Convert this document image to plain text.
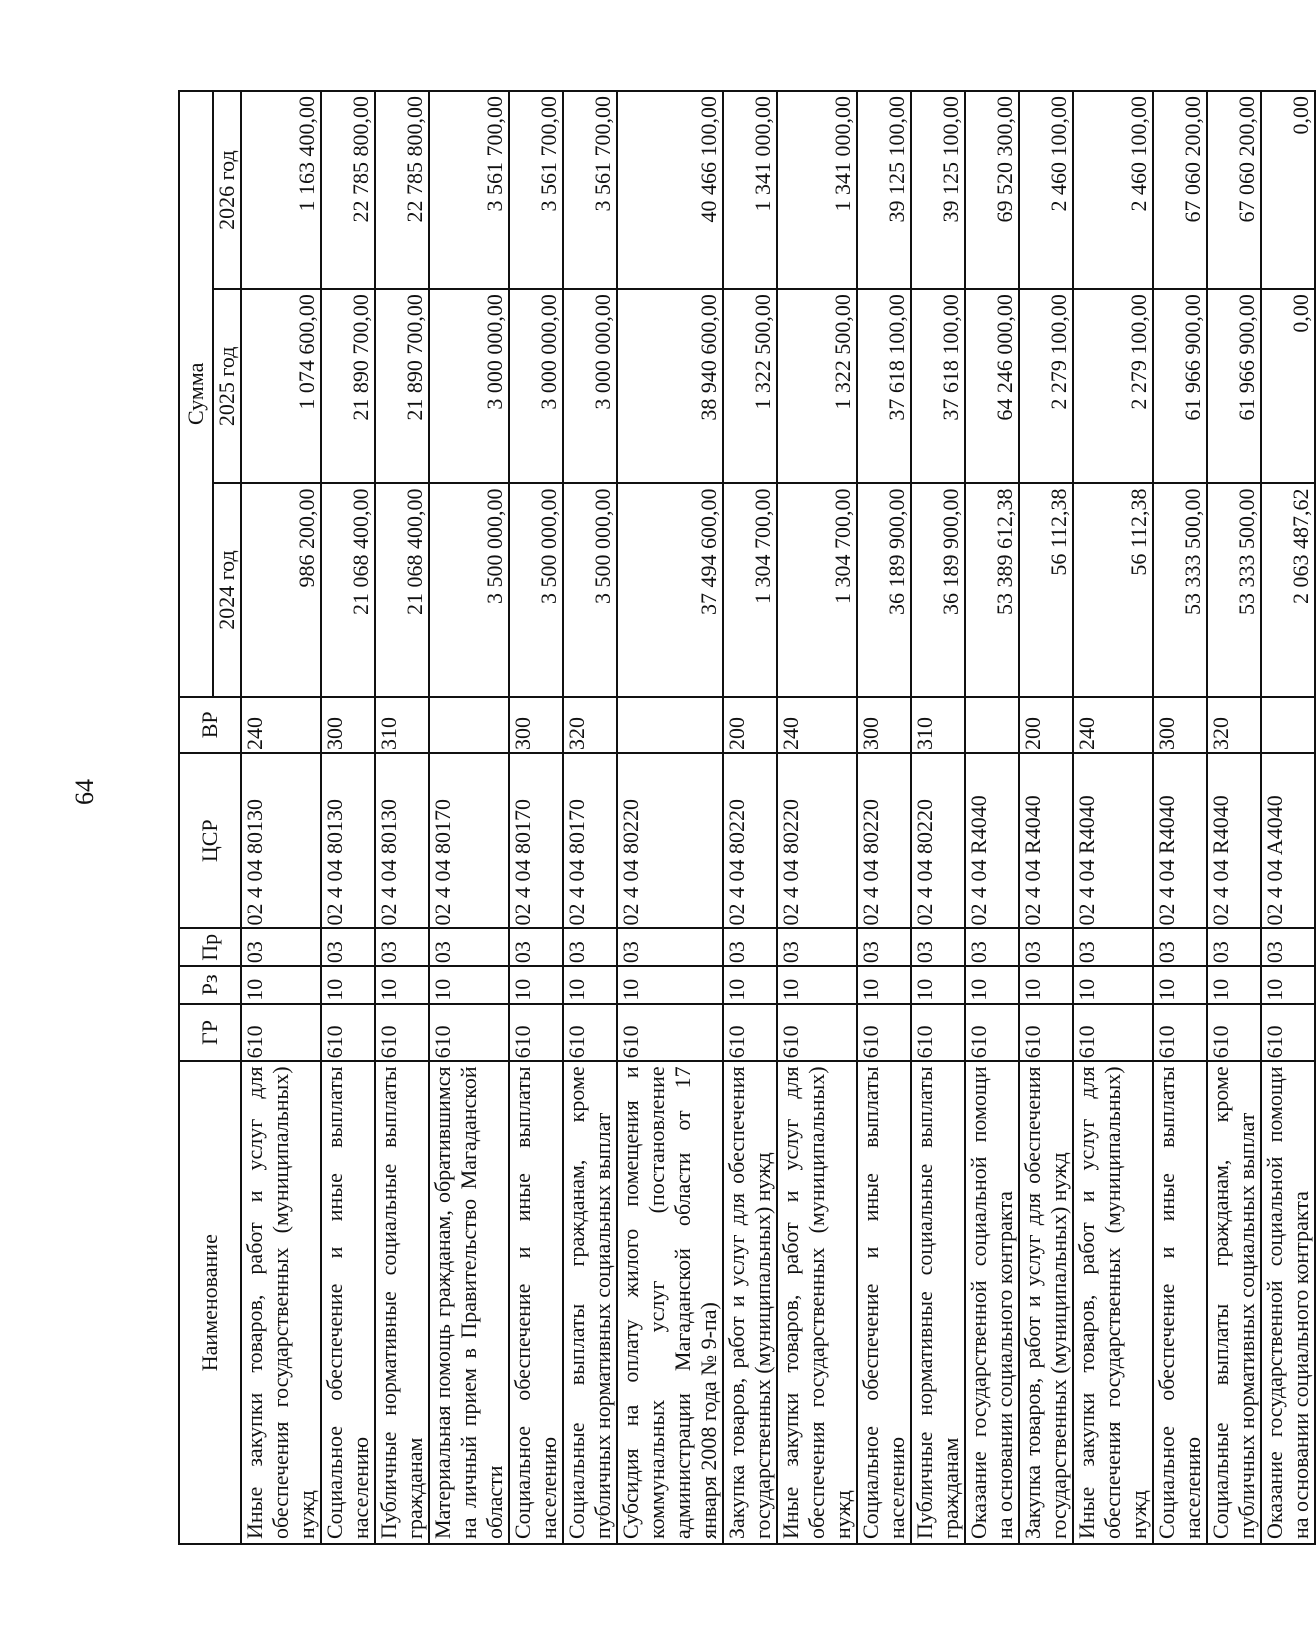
64
Наименование	ГР	Рз	Пр	ЦСР	ВР	Сумма		
						2024 год	2025 год	2026 год
Иные закупки товаров, работ и услуг для обеспечения государственных (муниципальных) нужд	610	10	03	02 4 04 80130	240	986 200,00	1 074 600,00	1 163 400,00
Социальное обеспечение и иные выплаты населению	610	10	03	02 4 04 80130	300	21 068 400,00	21 890 700,00	22 785 800,00
Публичные нормативные социальные выплаты гражданам	610	10	03	02 4 04 80130	310	21 068 400,00	21 890 700,00	22 785 800,00
Материальная помощь гражданам, обратившимся на личный прием в Правительство Магаданской области	610	10	03	02 4 04 80170		3 500 000,00	3 000 000,00	3 561 700,00
Социальное обеспечение и иные выплаты населению	610	10	03	02 4 04 80170	300	3 500 000,00	3 000 000,00	3 561 700,00
Социальные выплаты гражданам, кроме публичных нормативных социальных выплат	610	10	03	02 4 04 80170	320	3 500 000,00	3 000 000,00	3 561 700,00
Субсидия на оплату жилого помещения и коммунальных услуг (постановление администрации Магаданской области от 17 января 2008 года № 9-па)	610	10	03	02 4 04 80220		37 494 600,00	38 940 600,00	40 466 100,00
Закупка товаров, работ и услуг для обеспечения государственных (муниципальных) нужд	610	10	03	02 4 04 80220	200	1 304 700,00	1 322 500,00	1 341 000,00
Иные закупки товаров, работ и услуг для обеспечения государственных (муниципальных) нужд	610	10	03	02 4 04 80220	240	1 304 700,00	1 322 500,00	1 341 000,00
Социальное обеспечение и иные выплаты населению	610	10	03	02 4 04 80220	300	36 189 900,00	37 618 100,00	39 125 100,00
Публичные нормативные социальные выплаты гражданам	610	10	03	02 4 04 80220	310	36 189 900,00	37 618 100,00	39 125 100,00
Оказание государственной социальной помощи на основании социального контракта	610	10	03	02 4 04 R4040		53 389 612,38	64 246 000,00	69 520 300,00
Закупка товаров, работ и услуг для обеспечения государственных (муниципальных) нужд	610	10	03	02 4 04 R4040	200	56 112,38	2 279 100,00	2 460 100,00
Иные закупки товаров, работ и услуг для обеспечения государственных (муниципальных) нужд	610	10	03	02 4 04 R4040	240	56 112,38	2 279 100,00	2 460 100,00
Социальное обеспечение и иные выплаты населению	610	10	03	02 4 04 R4040	300	53 333 500,00	61 966 900,00	67 060 200,00
Социальные выплаты гражданам, кроме публичных нормативных социальных выплат	610	10	03	02 4 04 R4040	320	53 333 500,00	61 966 900,00	67 060 200,00
Оказание государственной социальной помощи на основании социального контракта	610	10	03	02 4 04 A4040		2 063 487,62	0,00	0,00
